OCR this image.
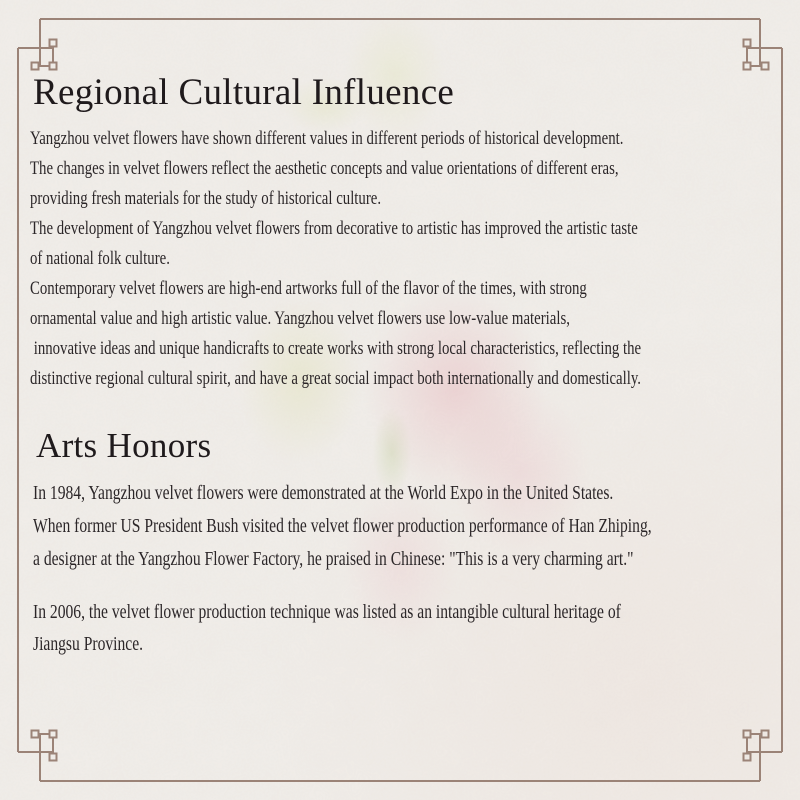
Regional Cultural Influence
Yangzhou velvet flowers have shown different values in different periods of historical development.
The changes in velvet flowers reflect the aesthetic concepts and value orientations of different eras,
providing fresh materials for the study of historical culture.
The development of Yangzhou velvet flowers from decorative to artistic has improved the artistic taste
of national folk culture.
Contemporary velvet flowers are high-end artworks full of the flavor of the times, with strong
ornamental value and high artistic value. Yangzhou velvet flowers use low-value materials,
innovative ideas and unique handicrafts to create works with strong local characteristics, reflecting the
distinctive regional cultural spirit, and have a great social impact both internationally and domestically.
Arts Honors
In 1984, Yangzhou velvet flowers were demonstrated at the World Expo in the United States.
When former US President Bush visited the velvet flower production performance of Han Zhiping,
a designer at the Yangzhou Flower Factory, he praised in Chinese: "This is a very charming art."
In 2006, the velvet flower production technique was listed as an intangible cultural heritage of
Jiangsu Province.
